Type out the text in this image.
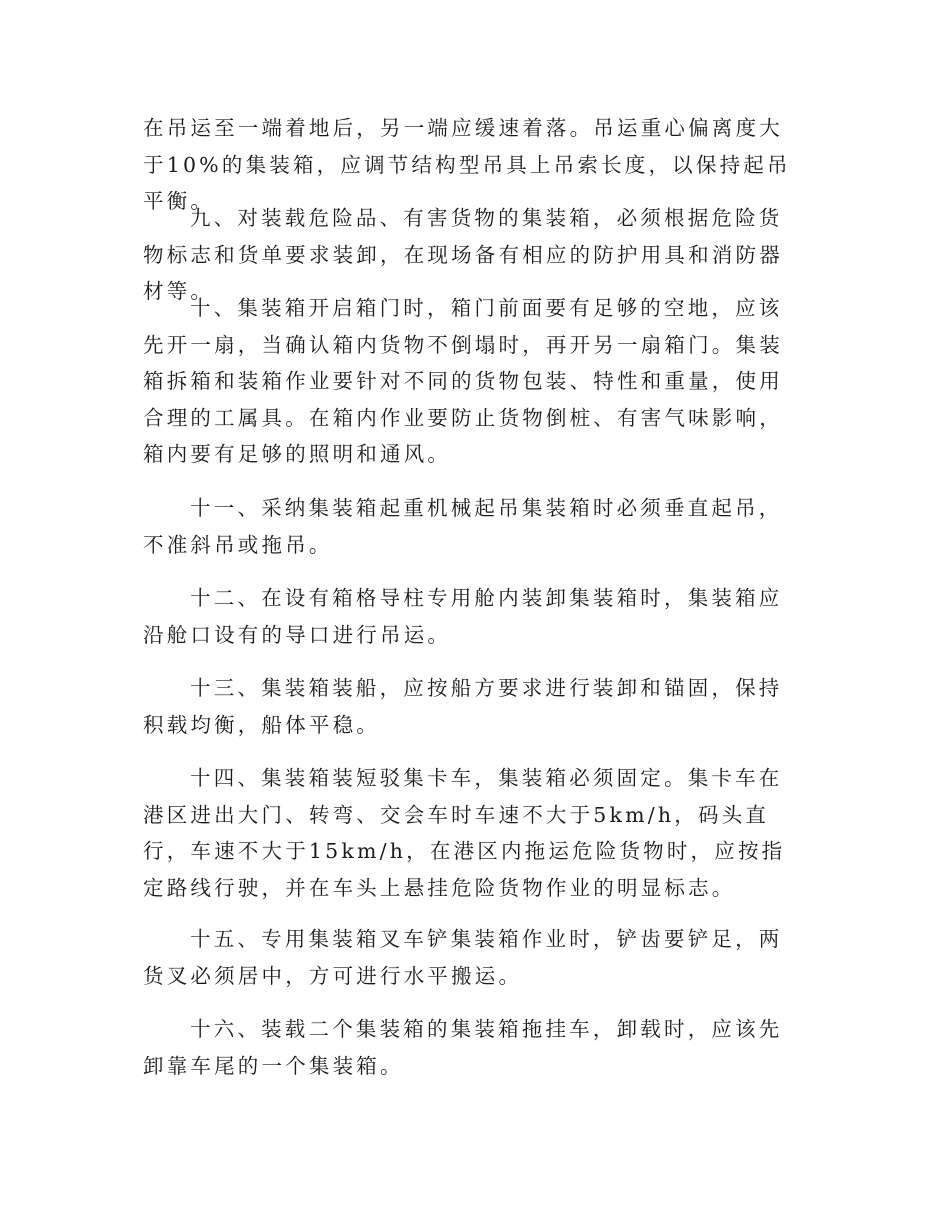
在吊运至一端着地后，另一端应缓速着落。吊运重心偏离度大于10%的集装箱，应调节结构型吊具上吊索长度，以保持起吊平衡。

九、对装载危险品、有害货物的集装箱，必须根据危险货物标志和货单要求装卸，在现场备有相应的防护用具和消防器材等。

十、集装箱开启箱门时，箱门前面要有足够的空地，应该先开一扇，当确认箱内货物不倒塌时，再开另一扇箱门。集装箱拆箱和装箱作业要针对不同的货物包装、特性和重量，使用合理的工属具。在箱内作业要防止货物倒桩、有害气味影响，箱内要有足够的照明和通风。

十一、采纳集装箱起重机械起吊集装箱时必须垂直起吊，不准斜吊或拖吊。

十二、在设有箱格导柱专用舱内装卸集装箱时，集装箱应沿舱口设有的导口进行吊运。

十三、集装箱装船，应按船方要求进行装卸和锚固，保持积载均衡，船体平稳。

十四、集装箱装短驳集卡车，集装箱必须固定。集卡车在港区进出大门、转弯、交会车时车速不大于5km/h，码头直行，车速不大于15km/h，在港区内拖运危险货物时，应按指定路线行驶，并在车头上悬挂危险货物作业的明显标志。

十五、专用集装箱叉车铲集装箱作业时，铲齿要铲足，两货叉必须居中，方可进行水平搬运。

十六、装载二个集装箱的集装箱拖挂车，卸载时，应该先卸靠车尾的一个集装箱。
